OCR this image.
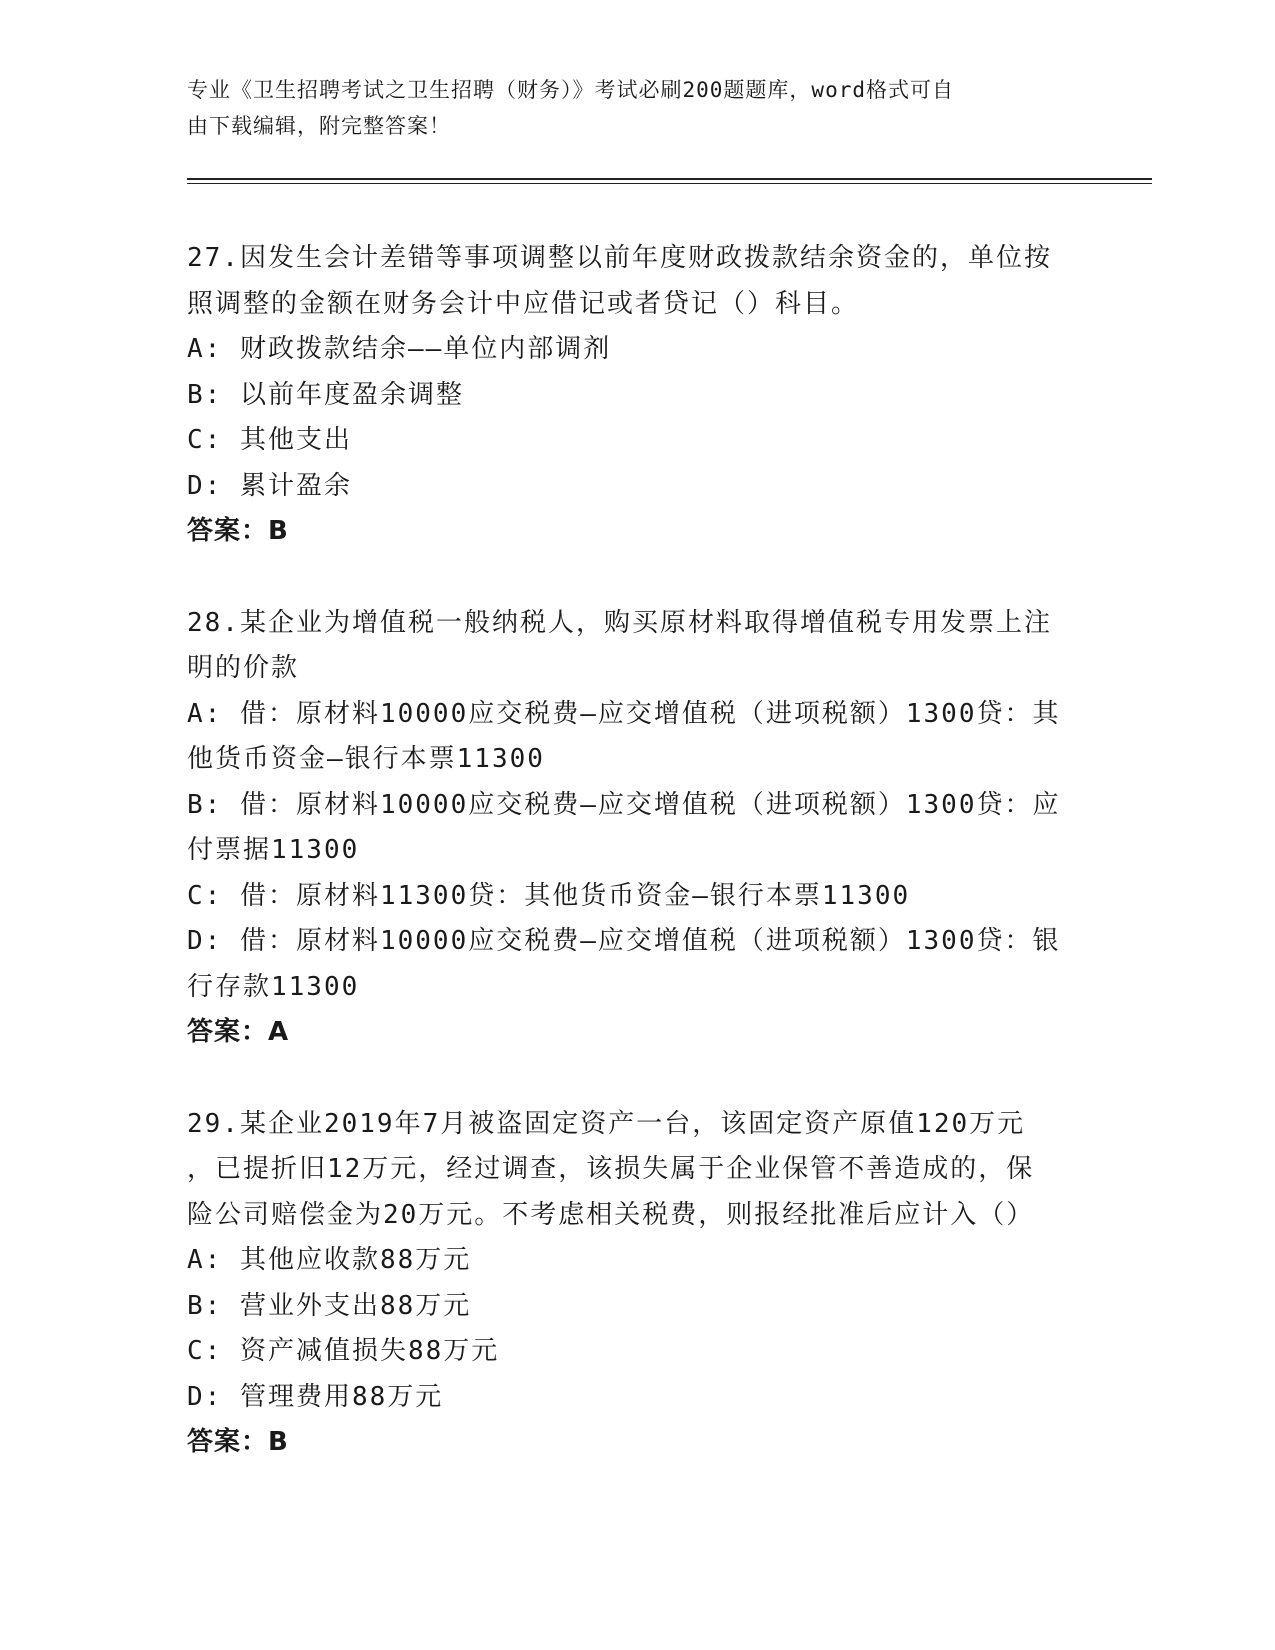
专业《卫生招聘考试之卫生招聘（财务）》考试必刷200题题库，word格式可自
由下载编辑，附完整答案！
27.因发生会计差错等事项调整以前年度财政拨款结余资金的，单位按
照调整的金额在财务会计中应借记或者贷记（）科目。
A: 财政拨款结余——单位内部调剂
B: 以前年度盈余调整
C: 其他支出
D: 累计盈余
答案：B
28.某企业为增值税一般纳税人，购买原材料取得增值税专用发票上注
明的价款
A: 借：原材料10000应交税费—应交增值税（进项税额）1300贷：其
他货币资金—银行本票11300
B: 借：原材料10000应交税费—应交增值税（进项税额）1300贷：应
付票据11300
C: 借：原材料11300贷：其他货币资金—银行本票11300
D: 借：原材料10000应交税费—应交增值税（进项税额）1300贷：银
行存款11300
答案：A
29.某企业2019年7月被盗固定资产一台，该固定资产原值120万元
，已提折旧12万元，经过调查，该损失属于企业保管不善造成的，保
险公司赔偿金为20万元。不考虑相关税费，则报经批准后应计入（）
A: 其他应收款88万元
B: 营业外支出88万元
C: 资产减值损失88万元
D: 管理费用88万元
答案：B
